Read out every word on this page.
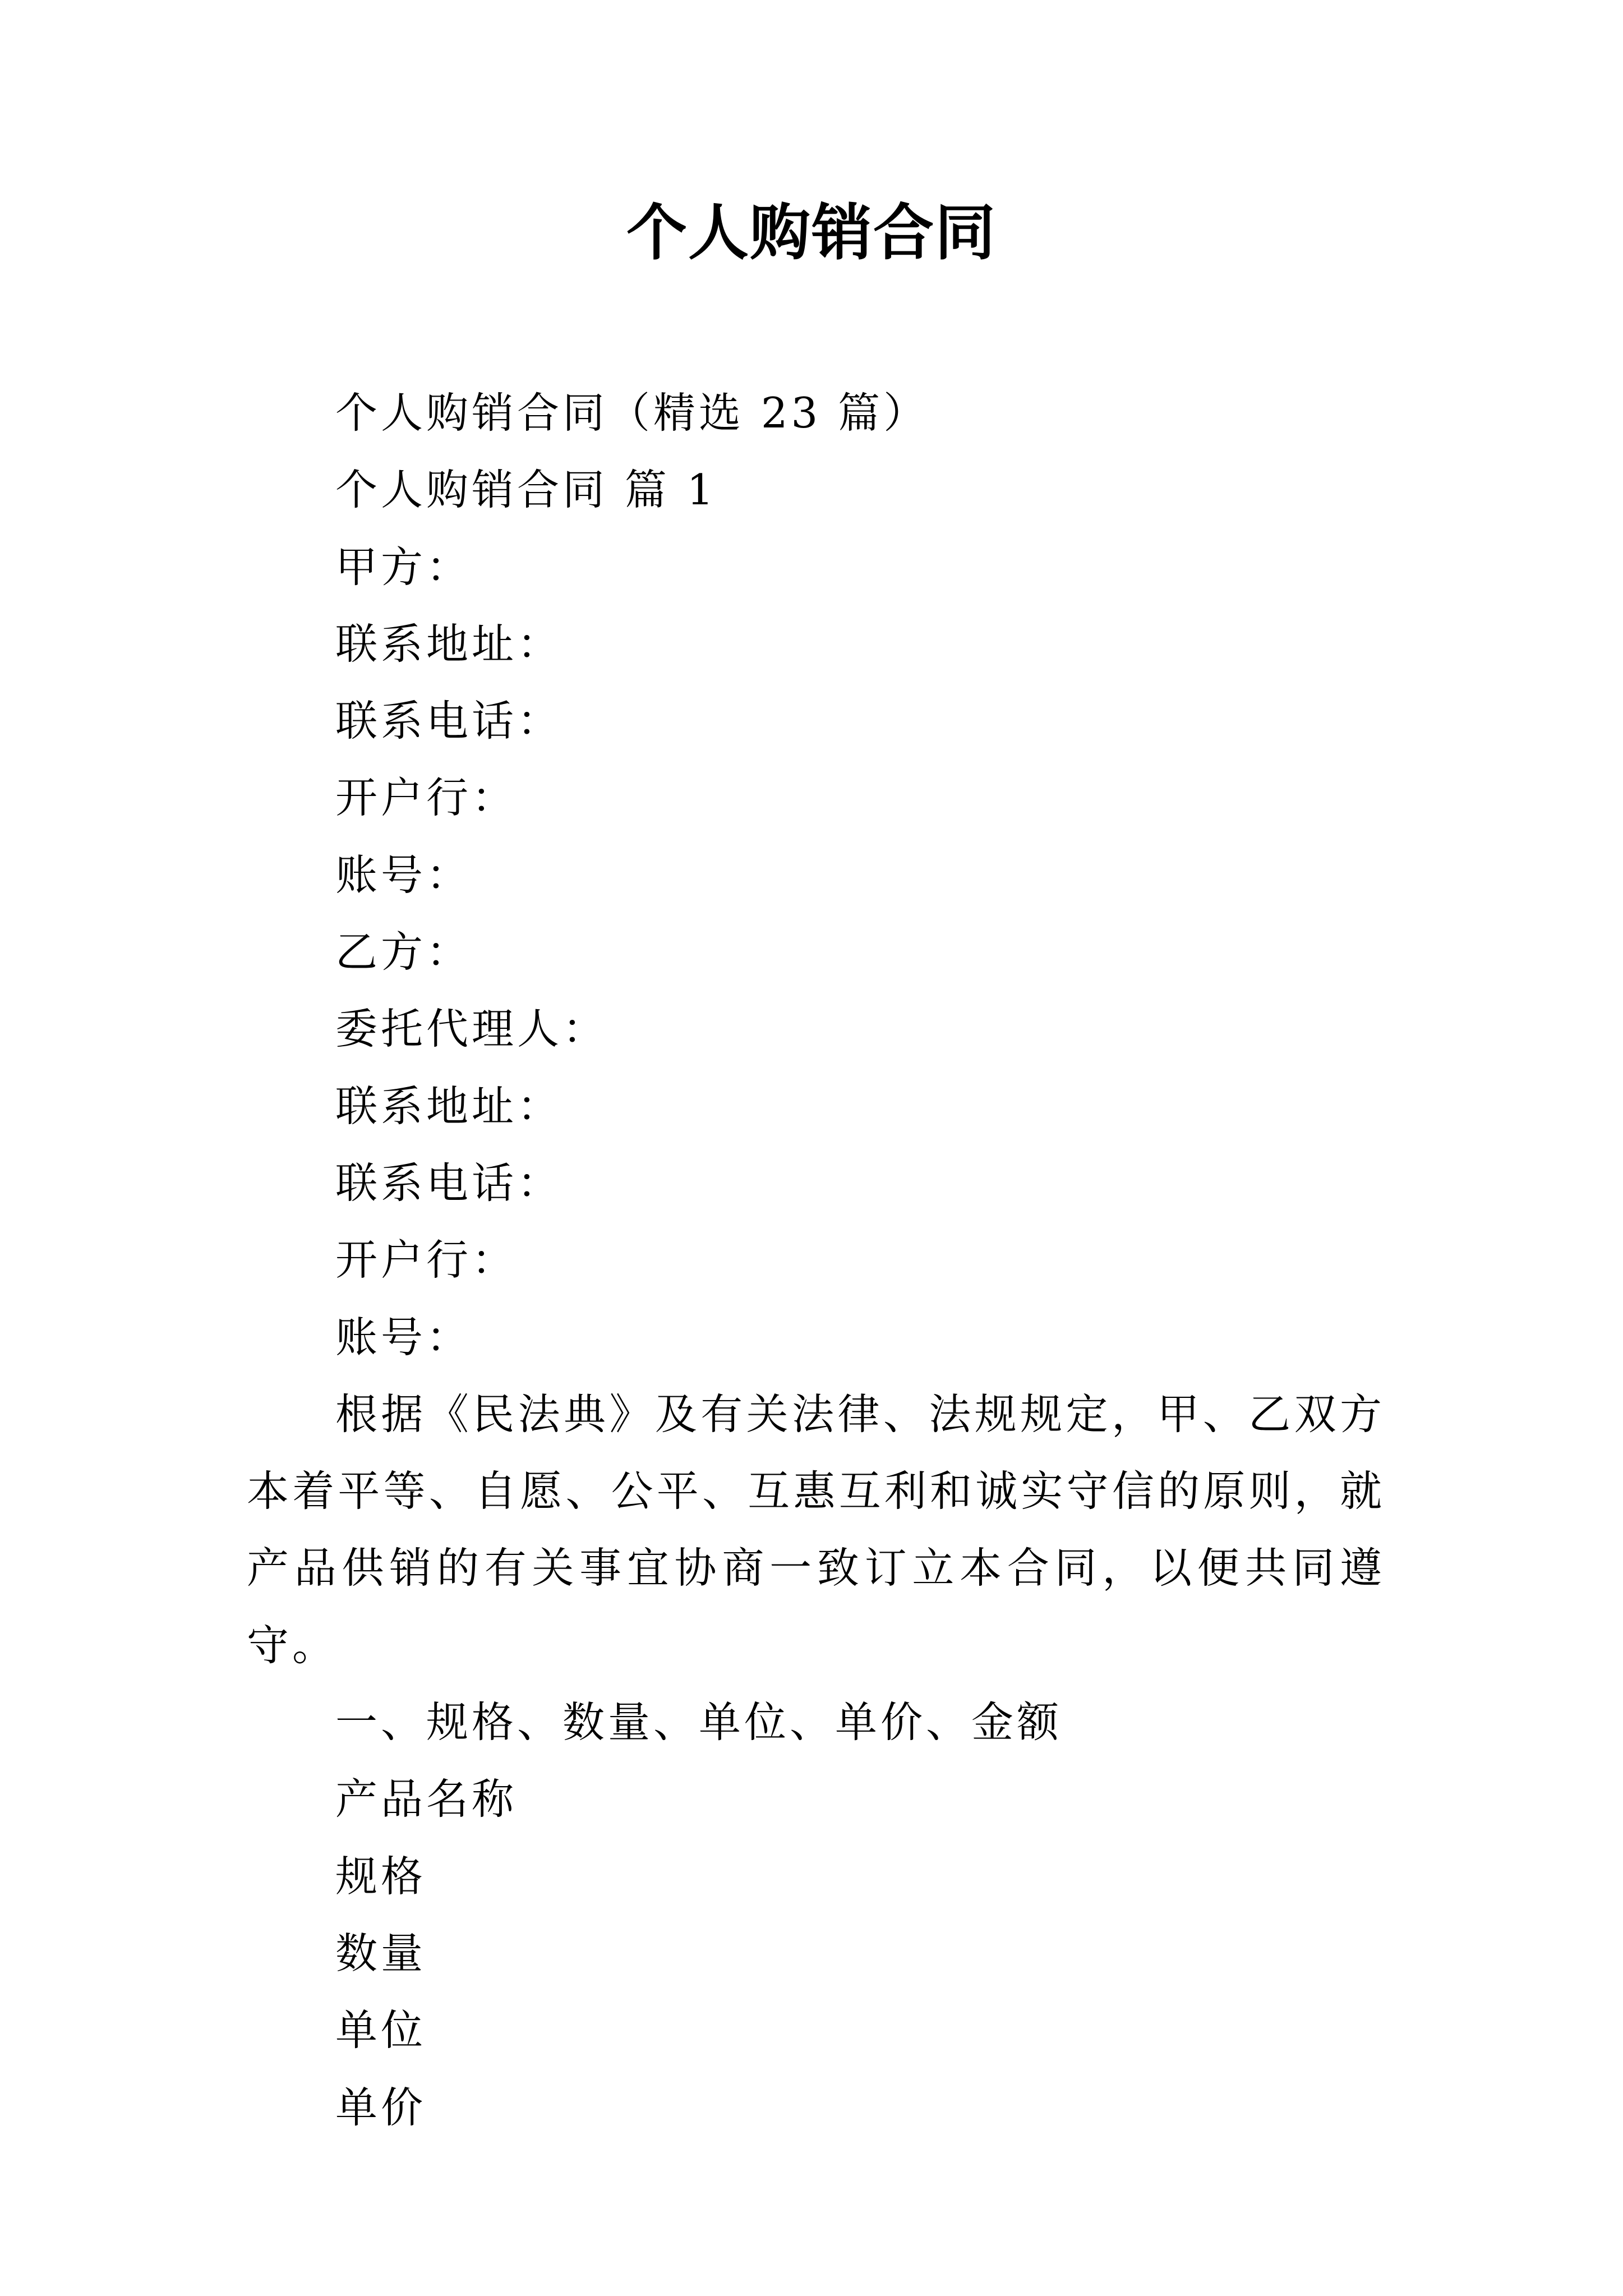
个人购销合同

个人购销合同（精选 23 篇）

个人购销合同 篇 1

甲方：

联系地址：

联系电话：

开户行：

账号：

乙方：

委托代理人：

联系地址：

联系电话：

开户行：

账号：

根据《民法典》及有关法律、法规规定，甲、乙双方本着平等、自愿、公平、互惠互利和诚实守信的原则，就产品供销的有关事宜协商一致订立本合同，以便共同遵守。

一、规格、数量、单位、单价、金额

产品名称

规格

数量

单位

单价
